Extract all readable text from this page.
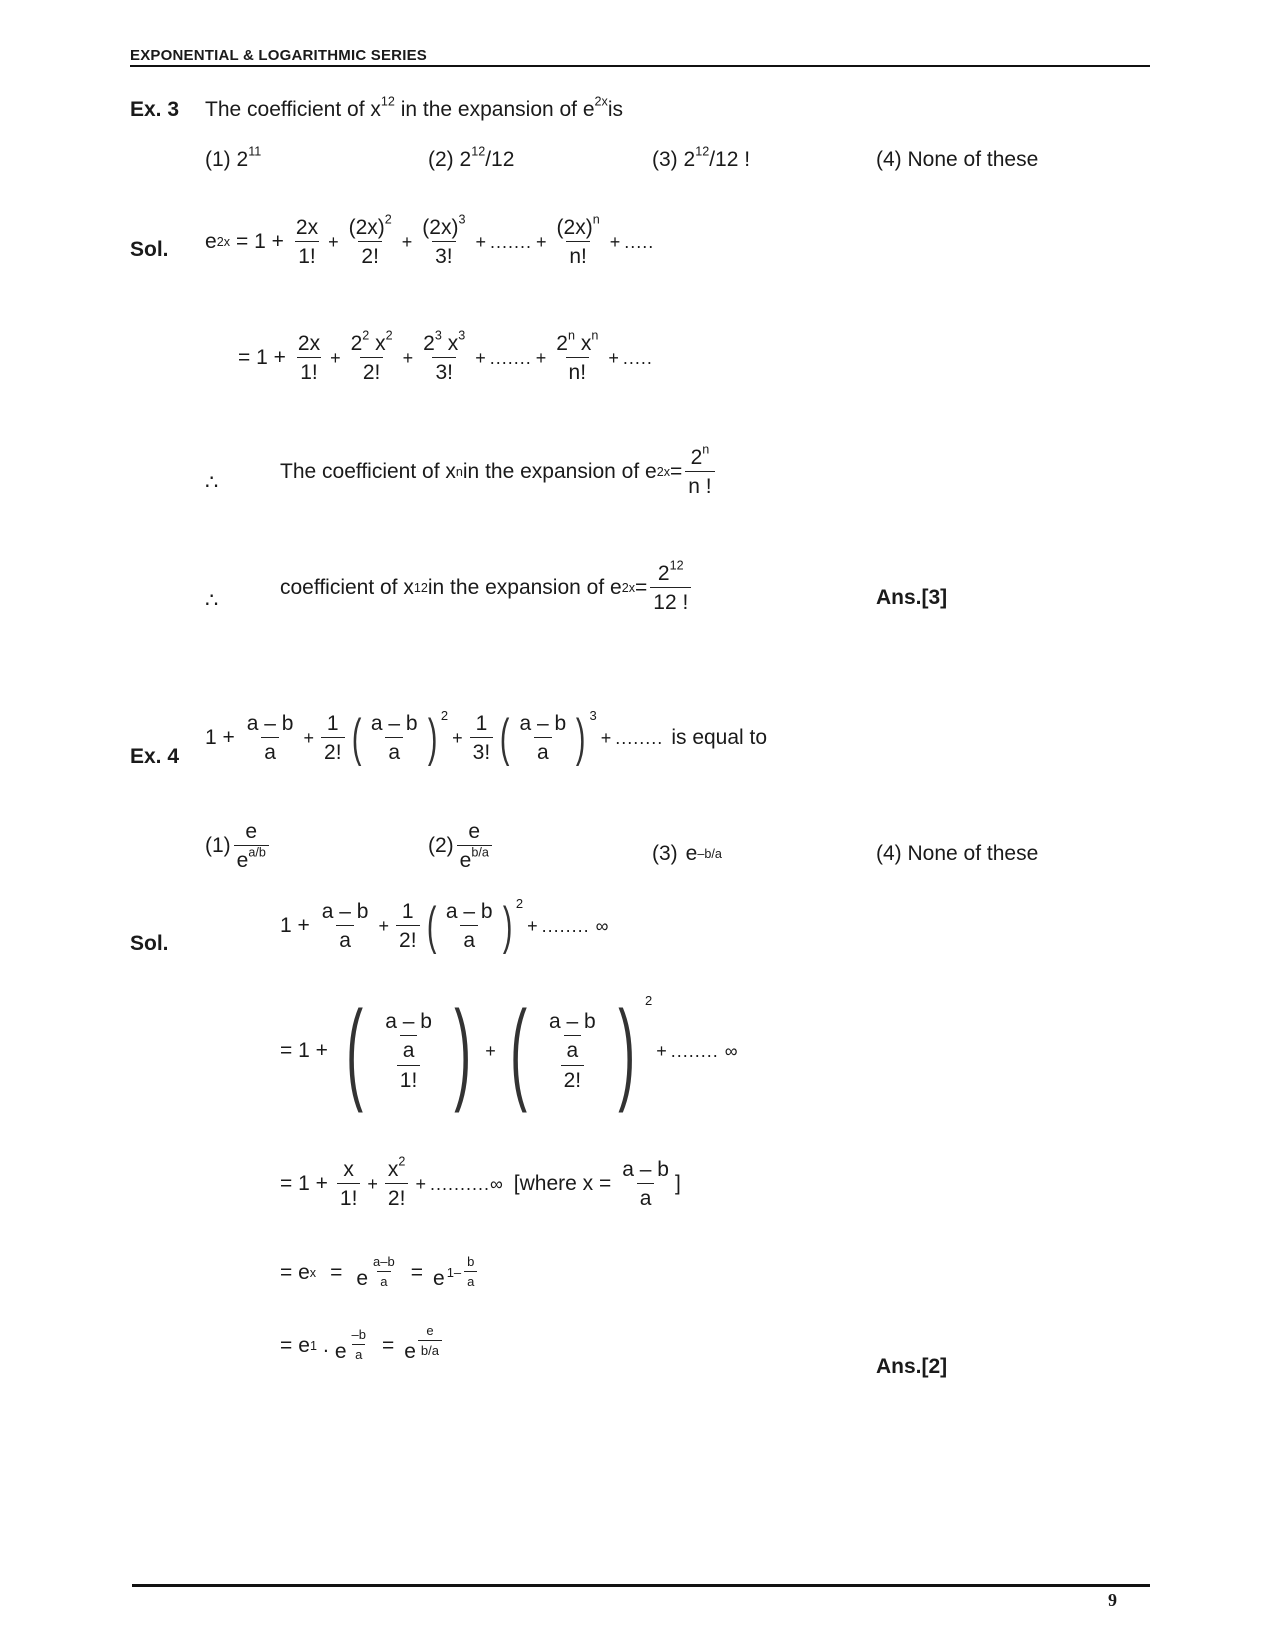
EXPONENTIAL & LOGARITHMIC SERIES
Ex. 3 The coefficient of $x^{12}$ in the expansion of $e^{2x}is$
(1) $2^{11}$	(2) $2^{12}/12$	(3) $2^{12}/12$ !	(4) None of these
Sol. e $2x = 1 + \frac{2x}{1!} + \frac{(2x)^2}{2!} + \frac{(2x)^3}{3!}$ + ....... + $\frac{(2x)^n}{n!}$ + .....
= $1 + \frac{2x}{1!} + \frac{2^2 x^2}{2!} + \frac{2^3 x^3}{3!}$ + ....... + $\frac{2^n x^n}{n!}$ + .....
∴	The coefficient of x n in the expansion of e $2x = \frac{2^n}{n !}$
∴
coefficient of x 12 in the expansion of e $2x = \frac{2^{12}}{12 !}$	Ans.[3]
Ex. 4
$1 + \frac{a - b}{a} + \frac{1}{2!}$ ( $\frac{a - b}{a}$ ) 2
+ $\frac{1}{3!}$ ( $\frac{a - b}{a}$ ) 3
+ ........ is equal to
$(1) \frac{e}{e^{a/b}}$	$(2) \frac{e}{e^{b/a}}$	(3) e –b/a	(4) None of these
Sol.
$1 + \frac{a - b}{a} + \frac{1}{2!}$ ( $\frac{a - b}{a}$ ) 2
+ ........ ∞
= 1 + ( $\frac{\frac{a - b}{a}}{1!}$ ) + ( $\frac{\frac{a - b}{a}}{2!}$ ) 2
+ ........ ∞
= $1 + \frac{x}{1!} + \frac{x^2}{2!}$ + ..........∞ [where $x = \frac{a - b}{a}$ ]
= e x = e $\frac{a-b}{a} = e$ $1- \frac{b}{a}$
= e 1 . e $\frac{-b}{a} = e \frac{e}{b/a}$
Ans.[2]
9
